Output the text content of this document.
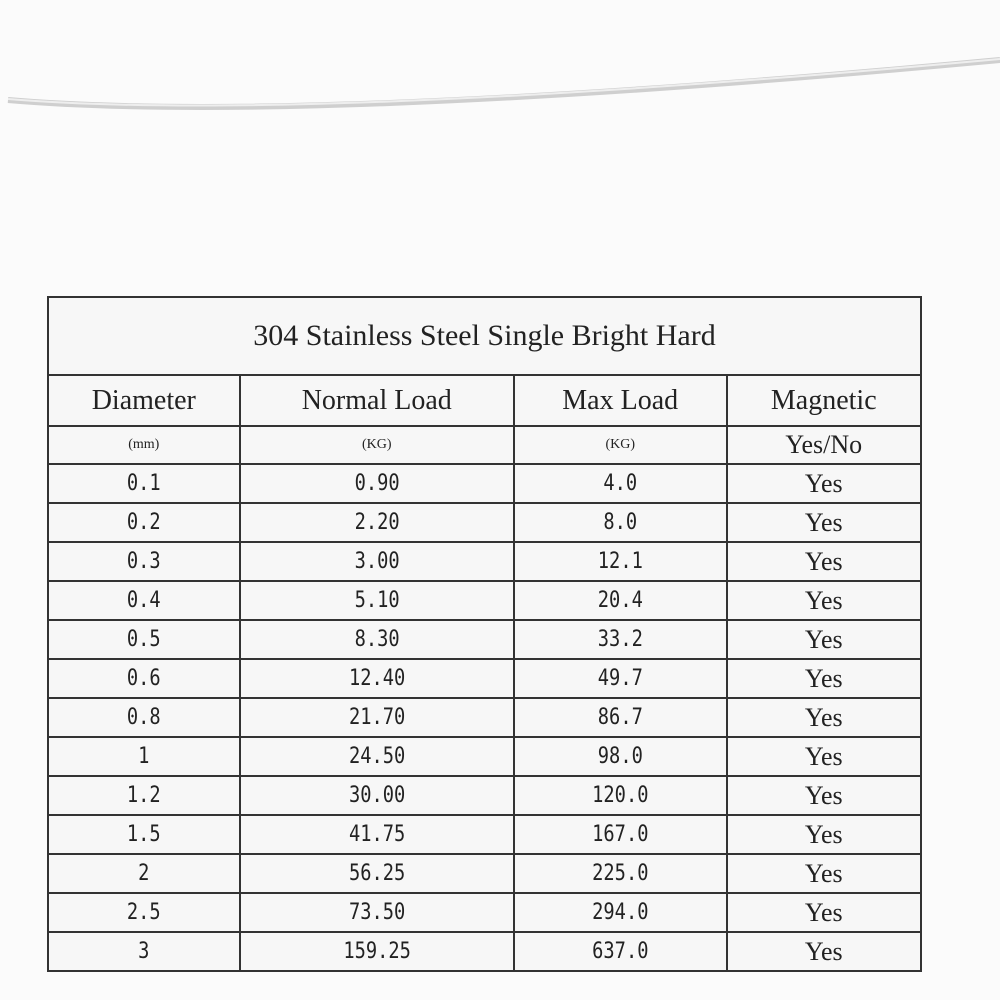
304 Stainless Steel Single Bright Hard			
Diameter	Normal Load	Max Load	Magnetic
(mm)	(KG)	(KG)	Yes/No
0.1	0.90	4.0	Yes
0.2	2.20	8.0	Yes
0.3	3.00	12.1	Yes
0.4	5.10	20.4	Yes
0.5	8.30	33.2	Yes
0.6	12.40	49.7	Yes
0.8	21.70	86.7	Yes
1	24.50	98.0	Yes
1.2	30.00	120.0	Yes
1.5	41.75	167.0	Yes
2	56.25	225.0	Yes
2.5	73.50	294.0	Yes
3	159.25	637.0	Yes
